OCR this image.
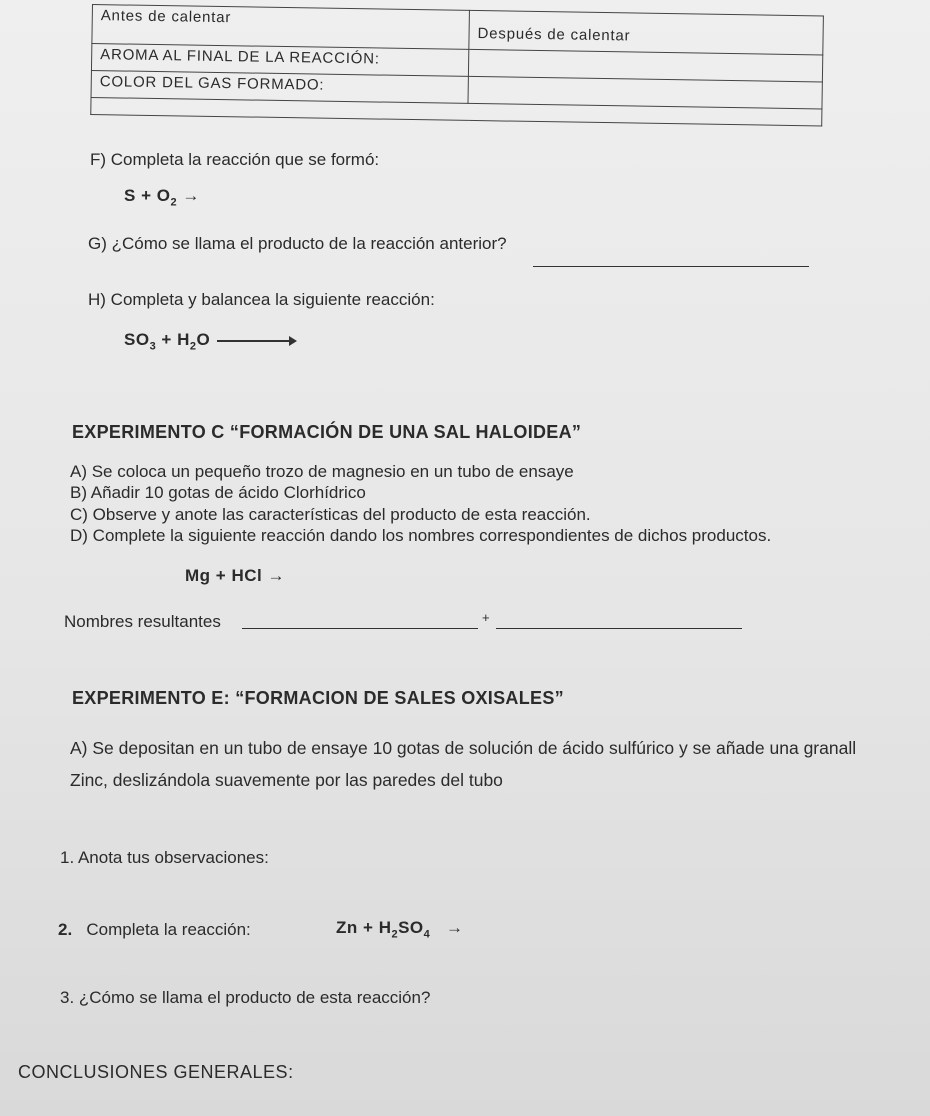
Antes de calentar	Después de calentar
AROMA AL FINAL DE LA REACCIÓN:	
COLOR DEL GAS FORMADO:	

F) Completa la reacción que se formó:
$S + O_2$ →
G) ¿Cómo se llama el producto de la reacción anterior?
H) Completa y balancea la siguiente reacción:
$SO_3 + H_2O$
EXPERIMENTO C “FORMACIÓN DE UNA SAL HALOIDEA”
A) Se coloca un pequeño trozo de magnesio en un tubo de ensaye
B) Añadir 10 gotas de ácido Clorhídrico
C) Observe y anote las características del producto de esta reacción.
D) Complete la siguiente reacción dando los nombres correspondientes de dichos productos.
Mg + HCl →
Nombres resultantes	+
EXPERIMENTO E: “FORMACION DE SALES OXISALES”
A) Se depositan en un tubo de ensaye 10 gotas de solución de ácido sulfúrico y se añade una granall
Zinc, deslizándola suavemente por las paredes del tubo
1. Anota tus observaciones:
2. Completa la reacción:	$Zn + H_2SO_4$ →
3. ¿Cómo se llama el producto de esta reacción?
CONCLUSIONES GENERALES:
